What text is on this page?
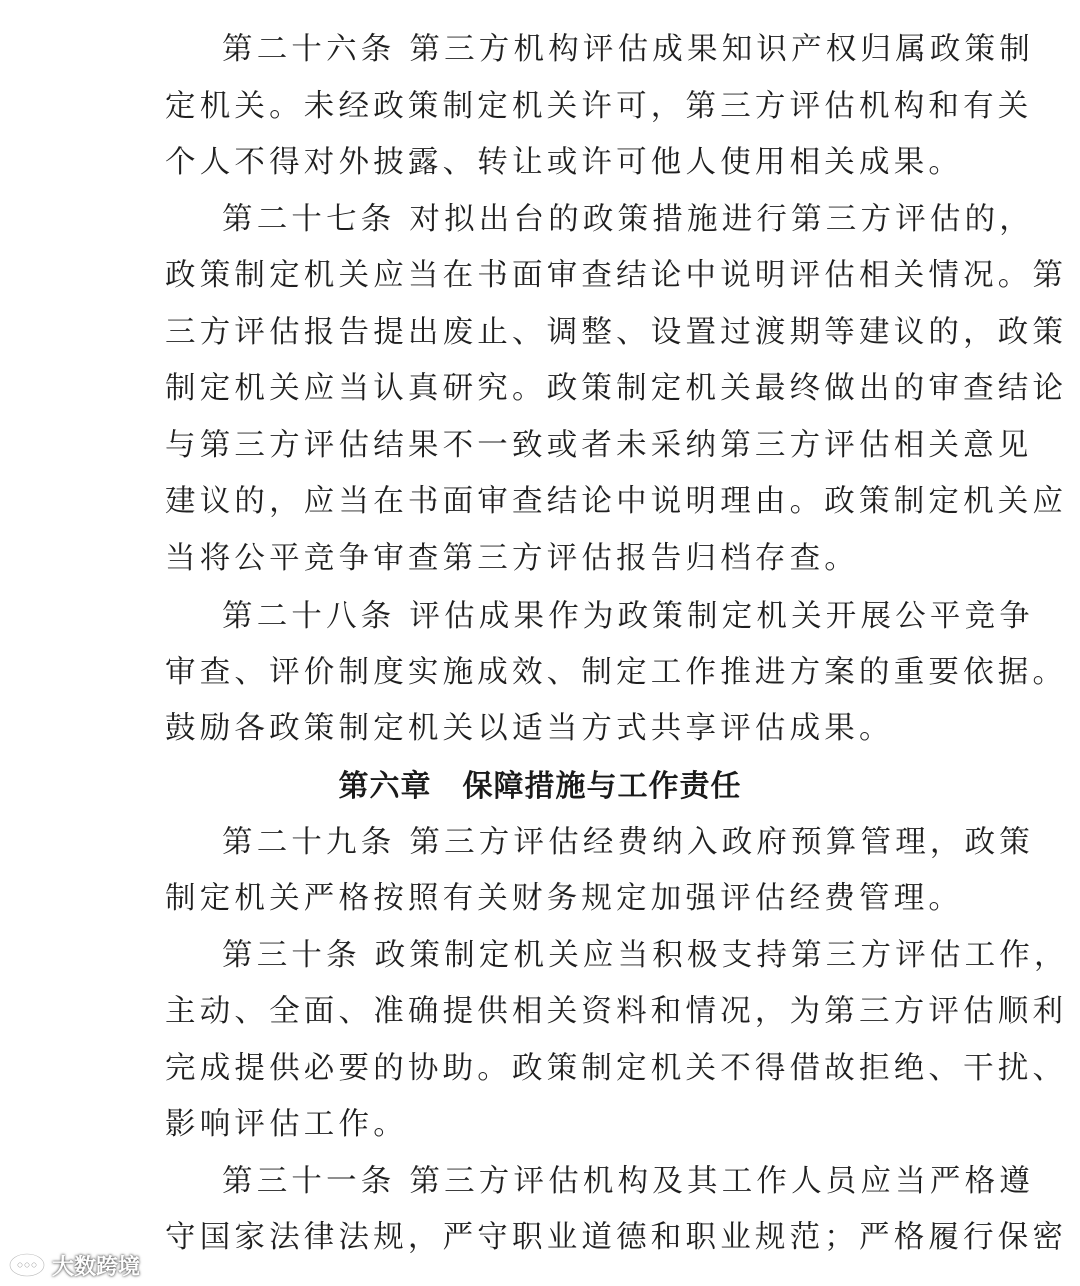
第二十六条 第三方机构评估成果知识产权归属政策制
定机关。未经政策制定机关许可，第三方评估机构和有关
个人不得对外披露、转让或许可他人使用相关成果。
第二十七条 对拟出台的政策措施进行第三方评估的，
政策制定机关应当在书面审查结论中说明评估相关情况。第
三方评估报告提出废止、调整、设置过渡期等建议的，政策
制定机关应当认真研究。政策制定机关最终做出的审查结论
与第三方评估结果不一致或者未采纳第三方评估相关意见
建议的，应当在书面审查结论中说明理由。政策制定机关应
当将公平竞争审查第三方评估报告归档存查。
第二十八条 评估成果作为政策制定机关开展公平竞争
审查、评价制度实施成效、制定工作推进方案的重要依据。
鼓励各政策制定机关以适当方式共享评估成果。
第二十九条 第三方评估经费纳入政府预算管理，政策
制定机关严格按照有关财务规定加强评估经费管理。
第三十条 政策制定机关应当积极支持第三方评估工作，
主动、全面、准确提供相关资料和情况，为第三方评估顺利
完成提供必要的协助。政策制定机关不得借故拒绝、干扰、
影响评估工作。
第三十一条 第三方评估机构及其工作人员应当严格遵
守国家法律法规，严守职业道德和职业规范；严格履行保密
第六章　保障措施与工作责任
大数跨境
